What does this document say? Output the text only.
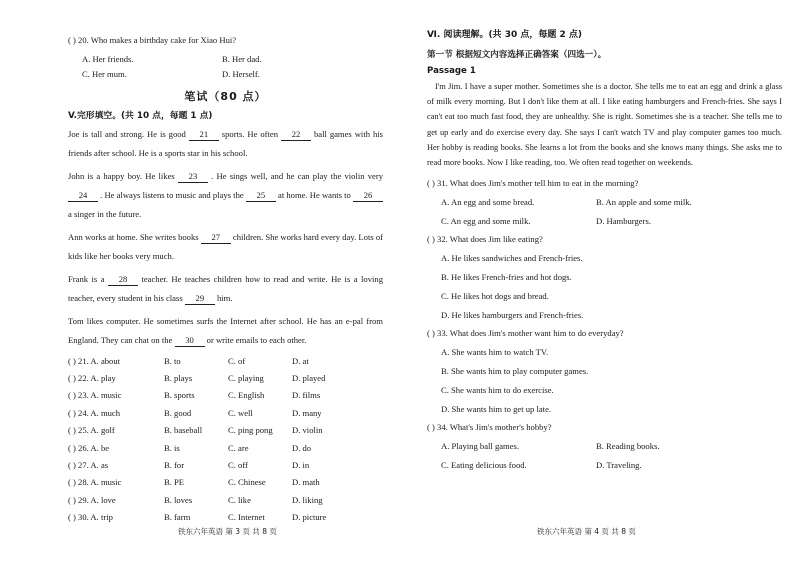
( ) 20. Who makes a birthday cake for Xiao Hui?
A. Her friends.	B. Her dad.
C. Her mum.	D. Herself.
笔试（80 点）
V.完形填空。(共 10 点，每题 1 点)
Joe is tall and strong. He is good 21 sports. He often 22 ball games with his friends after school. He is a sports star in his school.
John is a happy boy. He likes 23 . He sings well, and he can play the violin very 24 . He always listens to music and plays the 25 at home. He wants to 26 a singer in the future.
Ann works at home. She writes books 27 children. She works hard every day. Lots of kids like her books very much.
Frank is a 28 teacher. He teaches children how to read and write. He is a loving teacher, every student in his class 29 him.
Tom likes computer. He sometimes surfs the Internet after school. He has an e-pal from England. They can chat on the 30 or write emails to each other.
( ) 21. A. about	B. to	C. of	D. at
( ) 22. A. play	B. plays	C. playing	D. played
( ) 23. A. music	B. sports	C. English	D. films
( ) 24. A. much	B. good	C. well	D. many
( ) 25. A. golf	B. baseball	C. ping pong	D. violin
( ) 26. A. be	B. is	C. are	D. do
( ) 27. A. as	B. for	C. off	D. in
( ) 28. A. music	B. PE	C. Chinese	D. math
( ) 29. A. love	B. loves	C. like	D. liking
( ) 30. A. trip	B. farm	C. Internet	D. picture
铁东六年英语 第 3 页 共 8 页
Ⅵ. 阅读理解。(共 30 点，每题 2 点)
第一节 根据短文内容选择正确答案（四选一）。
Passage 1
I'm Jim. I have a super mother. Sometimes she is a doctor. She tells me to eat an egg and drink a glass of milk every morning. But I don't like them at all. I like eating hamburgers and French-fries. She says I can't eat too much fast food, they are unhealthy. She is right. Sometimes she is a teacher. She tells me to get up early and do exercise every day. She says I can't watch TV and play computer games too much. Her hobby is reading books. She learns a lot from the books and she knows many things. She asks me to read more books. Now I like reading, too. We often read together on weekends.
( ) 31. What does Jim's mother tell him to eat in the morning?
A. An egg and some bread.	B. An apple and some milk.
C. An egg and some milk.	D. Hamburgers.
( ) 32. What does Jim like eating?
A. He likes sandwiches and French-fries.
B. He likes French-fries and hot dogs.
C. He likes hot dogs and bread.
D. He likes hamburgers and French-fries.
( ) 33. What does Jim's mother want him to do everyday?
A. She wants him to watch TV.
B. She wants him to play computer games.
C. She wants him to do exercise.
D. She wants him to get up late.
( ) 34. What's Jim's mother's hobby?
A. Playing ball games.	B. Reading books.
C. Eating delicious food.	D. Traveling.
铁东六年英语 第 4 页 共 8 页
